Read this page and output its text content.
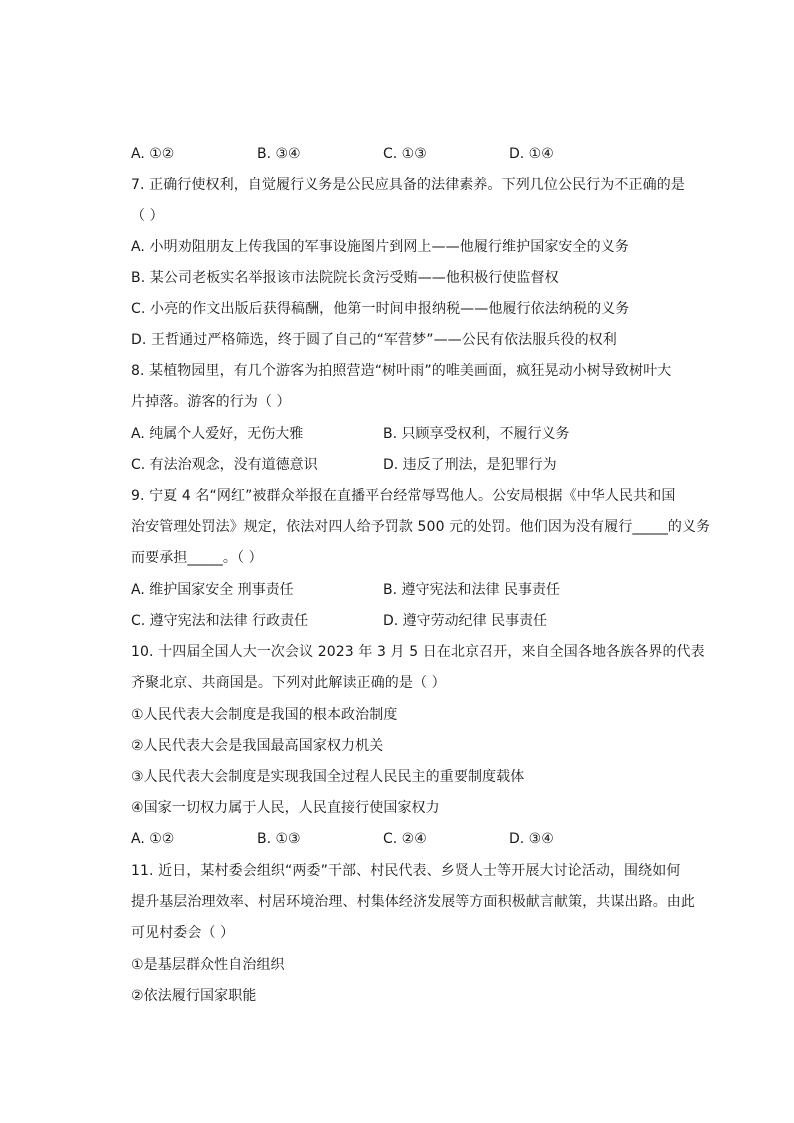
A. ①②	B. ③④	C. ①③	D. ①④
7. 正确行使权利，自觉履行义务是公民应具备的法律素养。下列几位公民行为不正确的是
（ ）
A. 小明劝阻朋友上传我国的军事设施图片到网上——他履行维护国家安全的义务
B. 某公司老板实名举报该市法院院长贪污受贿——他积极行使监督权
C. 小亮的作文出版后获得稿酬，他第一时间申报纳税——他履行依法纳税的义务
D. 王哲通过严格筛选，终于圆了自己的“军营梦”——公民有依法服兵役的权利
8. 某植物园里，有几个游客为拍照营造“树叶雨”的唯美画面，疯狂晃动小树导致树叶大
片掉落。游客的行为（ ）
A. 纯属个人爱好，无伤大雅	B. 只顾享受权利，不履行义务
C. 有法治观念，没有道德意识	D. 违反了刑法，是犯罪行为
9. 宁夏 4 名“网红”被群众举报在直播平台经常辱骂他人。公安局根据《中华人民共和国
治安管理处罚法》规定，依法对四人给予罚款 500 元的处罚。他们因为没有履行_____的义务
而要承担_____。（ ）
A. 维护国家安全 刑事责任	B. 遵守宪法和法律 民事责任
C. 遵守宪法和法律 行政责任	D. 遵守劳动纪律 民事责任
10. 十四届全国人大一次会议 2023 年 3 月 5 日在北京召开，来自全国各地各族各界的代表
齐聚北京、共商国是。下列对此解读正确的是（ ）
①人民代表大会制度是我国的根本政治制度
②人民代表大会是我国最高国家权力机关
③人民代表大会制度是实现我国全过程人民民主的重要制度载体
④国家一切权力属于人民，人民直接行使国家权力
A. ①②	B. ①③	C. ②④	D. ③④
11. 近日，某村委会组织“两委”干部、村民代表、乡贤人士等开展大讨论活动，围绕如何
提升基层治理效率、村居环境治理、村集体经济发展等方面积极献言献策，共谋出路。由此
可见村委会（ ）
①是基层群众性自治组织
②依法履行国家职能
